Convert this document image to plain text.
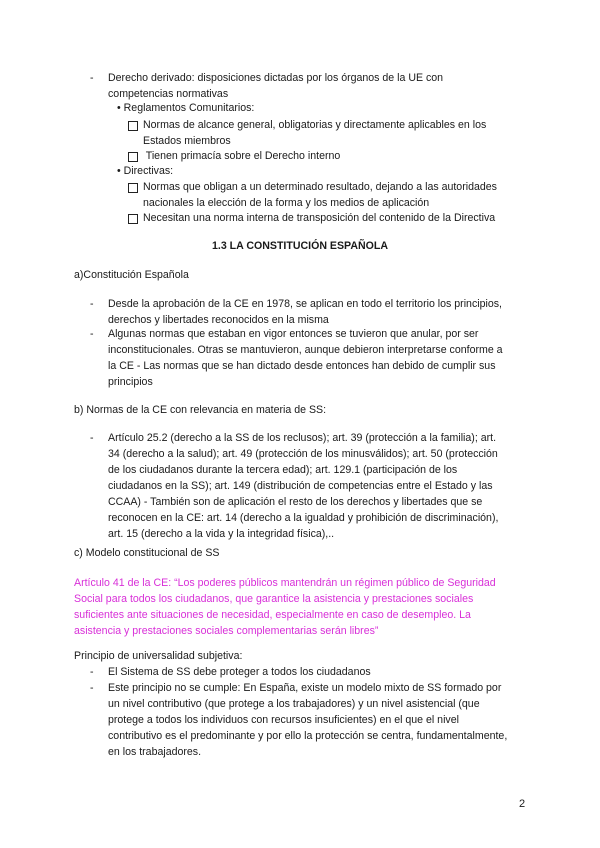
- Derecho derivado: disposiciones dictadas por los órganos de la UE con
competencias normativas
• Reglamentos Comunitarios:
Normas de alcance general, obligatorias y directamente aplicables en los
Estados miembros
Tienen primacía sobre el Derecho interno
• Directivas:
Normas que obligan a un determinado resultado, dejando a las autoridades
nacionales la elección de la forma y los medios de aplicación
Necesitan una norma interna de transposición del contenido de la Directiva
1.3 LA CONSTITUCIÓN ESPAÑOLA
a)Constitución Española
- Desde la aprobación de la CE en 1978, se aplican en todo el territorio los principios,
derechos y libertades reconocidos en la misma
- Algunas normas que estaban en vigor entonces se tuvieron que anular, por ser
inconstitucionales. Otras se mantuvieron, aunque debieron interpretarse conforme a
la CE - Las normas que se han dictado desde entonces han debido de cumplir sus
principios
b) Normas de la CE con relevancia en materia de SS:
- Artículo 25.2 (derecho a la SS de los reclusos); art. 39 (protección a la familia); art.
34 (derecho a la salud); art. 49 (protección de los minusválidos); art. 50 (protección
de los ciudadanos durante la tercera edad); art. 129.1 (participación de los
ciudadanos en la SS); art. 149 (distribución de competencias entre el Estado y las
CCAA) - También son de aplicación el resto de los derechos y libertades que se
reconocen en la CE: art. 14 (derecho a la igualdad y prohibición de discriminación),
art. 15 (derecho a la vida y la integridad física),..
c) Modelo constitucional de SS
Artículo 41 de la CE: “Los poderes públicos mantendrán un régimen público de Seguridad
Social para todos los ciudadanos, que garantice la asistencia y prestaciones sociales
suficientes ante situaciones de necesidad, especialmente en caso de desempleo. La
asistencia y prestaciones sociales complementarias serán libres”
Principio de universalidad subjetiva:
- El Sistema de SS debe proteger a todos los ciudadanos
- Este principio no se cumple: En España, existe un modelo mixto de SS formado por
un nivel contributivo (que protege a los trabajadores) y un nivel asistencial (que
protege a todos los individuos con recursos insuficientes) en el que el nivel
contributivo es el predominante y por ello la protección se centra, fundamentalmente,
en los trabajadores.
2
